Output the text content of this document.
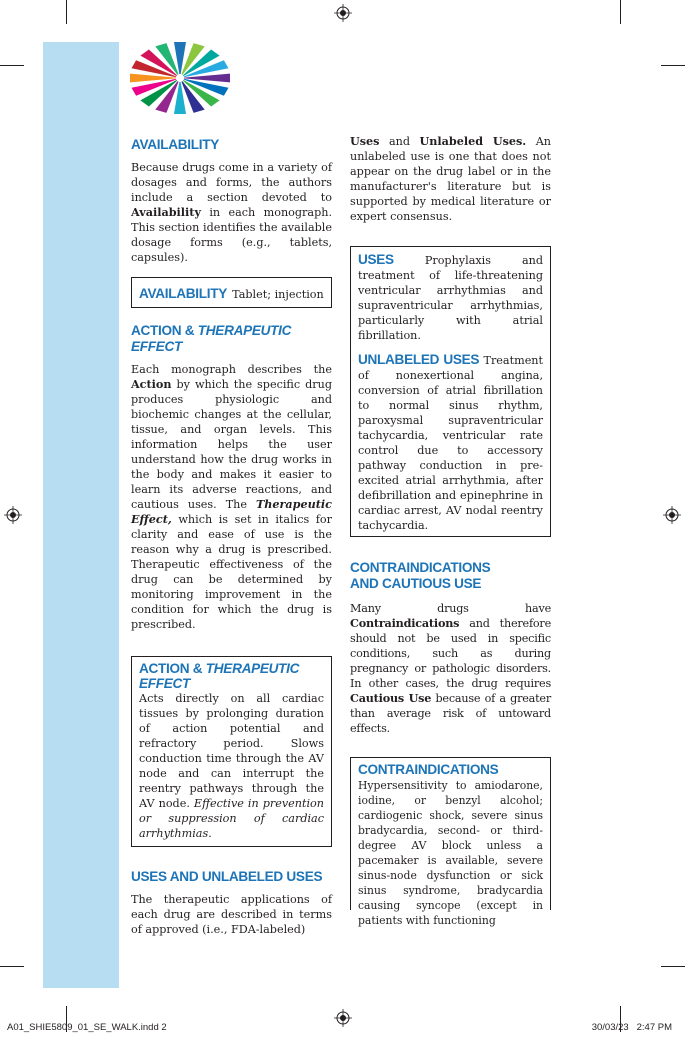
AVAILABILITY

Because drugs come in a variety of dosages and forms, the authors include a section devoted to Availability in each monograph. This section identifies the available dosage forms (e.g., tablets, capsules).

AVAILABILITY Tablet; injection
ACTION & THERAPEUTIC EFFECT

Each monograph describes the Action by which the specific drug produces physiologic and biochemic changes at the cellular, tissue, and organ levels. This information helps the user understand how the drug works in the body and makes it easier to learn its adverse reactions, and cautious uses. The Therapeutic Effect, which is set in italics for clarity and ease of use is the reason why a drug is prescribed. Therapeutic effectiveness of the drug can be determined by monitoring improvement in the condition for which the drug is prescribed.

ACTION & THERAPEUTIC EFFECT

Acts directly on all cardiac tissues by prolonging duration of action potential and refractory period. Slows conduction time through the AV node and can interrupt the reentry pathways through the AV node. Effective in prevention or suppression of cardiac arrhythmias.

USES AND UNLABELED USES

The therapeutic applications of each drug are described in terms of approved (i.e., FDA-labeled)

Uses and Unlabeled Uses. An unlabeled use is one that does not appear on the drug label or in the manufacturer's literature but is supported by medical literature or expert consensus.

USES	Prophylaxis and treatment of life-threatening ventricular arrhythmias and supraventricular arrhythmias, particularly with atrial fibrillation.

UNLABELED USES Treatment of nonexertional angina, conversion of atrial fibrillation to normal sinus rhythm, paroxysmal supraventricular tachycardia, ventricular rate control due to accessory pathway conduction in pre-excited atrial arrhythmia, after defibrillation and epinephrine in cardiac arrest, AV nodal reentry tachycardia.

CONTRAINDICATIONS
AND CAUTIOUS USE

Many drugs have Contraindications and therefore should not be used in specific conditions, such as during pregnancy or pathologic disorders. In other cases, the drug requires Cautious Use because of a greater than average risk of untoward effects.

CONTRAINDICATIONS Hypersensitivity to amiodarone, iodine, or benzyl alcohol; cardiogenic shock, severe sinus bradycardia, second- or third-degree AV block unless a pacemaker is available, severe sinus-node dysfunction or sick sinus syndrome, bradycardia causing syncope (except in patients with functioning

A01_SHIE5809_01_SE_WALK.indd 2	30/03/23   2:47 PM
